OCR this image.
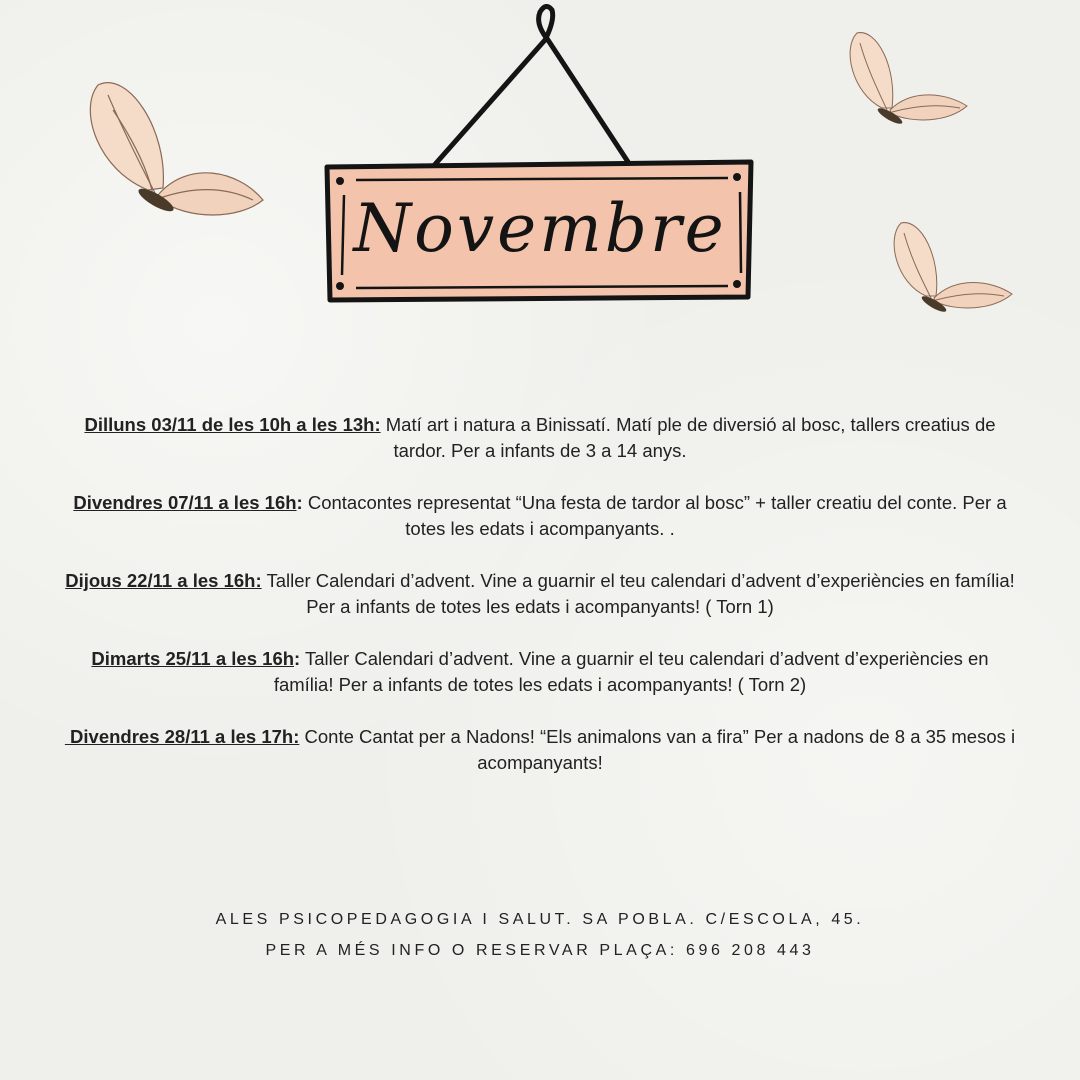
Novembre

Dilluns 03/11 de les 10h a les 13h: Matí art i natura a Binissatí. Matí ple de diversió al bosc, tallers creatius de tardor. Per a infants de 3 a 14 anys.

Divendres 07/11 a les 16h: Contacontes representat “Una festa de tardor al bosc” + taller creatiu del conte. Per a totes les edats i acompanyants. .

Dijous 22/11 a les 16h: Taller Calendari d’advent. Vine a guarnir el teu calendari d’advent d’experiències en família! Per a infants de totes les edats i acompanyants! ( Torn 1)

Dimarts 25/11 a les 16h: Taller Calendari d’advent. Vine a guarnir el teu calendari d’advent d’experiències en família! Per a infants de totes les edats i acompanyants! ( Torn 2)

Divendres 28/11 a les 17h: Conte Cantat per a Nadons! “Els animalons van a fira” Per a nadons de 8 a 35 mesos i acompanyants!

ALES PSICOPEDAGOGIA I SALUT. SA POBLA. C/ESCOLA, 45.
PER A MÉS INFO O RESERVAR PLAÇA: 696 208 443
